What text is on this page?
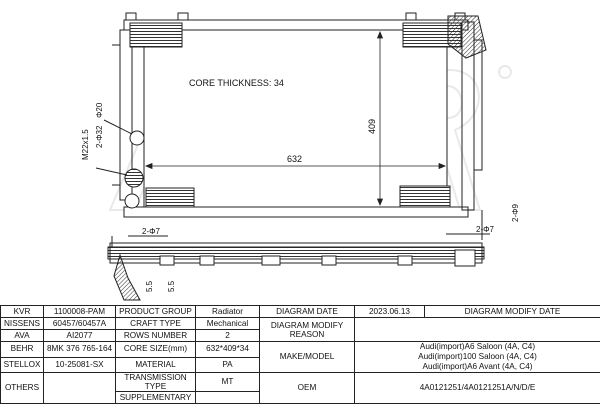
CORE THICKNESS: 34
632
409
Φ20
2-Φ32
M22x1.5
2-Φ7	2-Φ7
2-Φ9
5.5 5.5
KVR	1100008-PAM	PRODUCT GROUP	Radiator	DIAGRAM DATE	2023.06.13	DIAGRAM MODIFY DATE
NISSENS	60457/60457A	CRAFT TYPE	Mechanical	DIAGRAM MODIFY REASON		
AVA	AI2077	ROWS NUMBER	2			
BEHR	8MK 376 765-164	CORE SIZE(mm)	632*409*34	MAKE/MODEL	Audi(import)A6 Saloon (4A, C4)
Audi(import)100 Saloon (4A, C4)
Audi(import)A6 Avant (4A, C4)	

STELLOX	10-25081-SX	MATERIAL	PA			
OTHERS		TRANSMISSION TYPE	MT	OEM	4A0121251/4A0121251A/N/D/E	
		SUPPLEMENTARY				
